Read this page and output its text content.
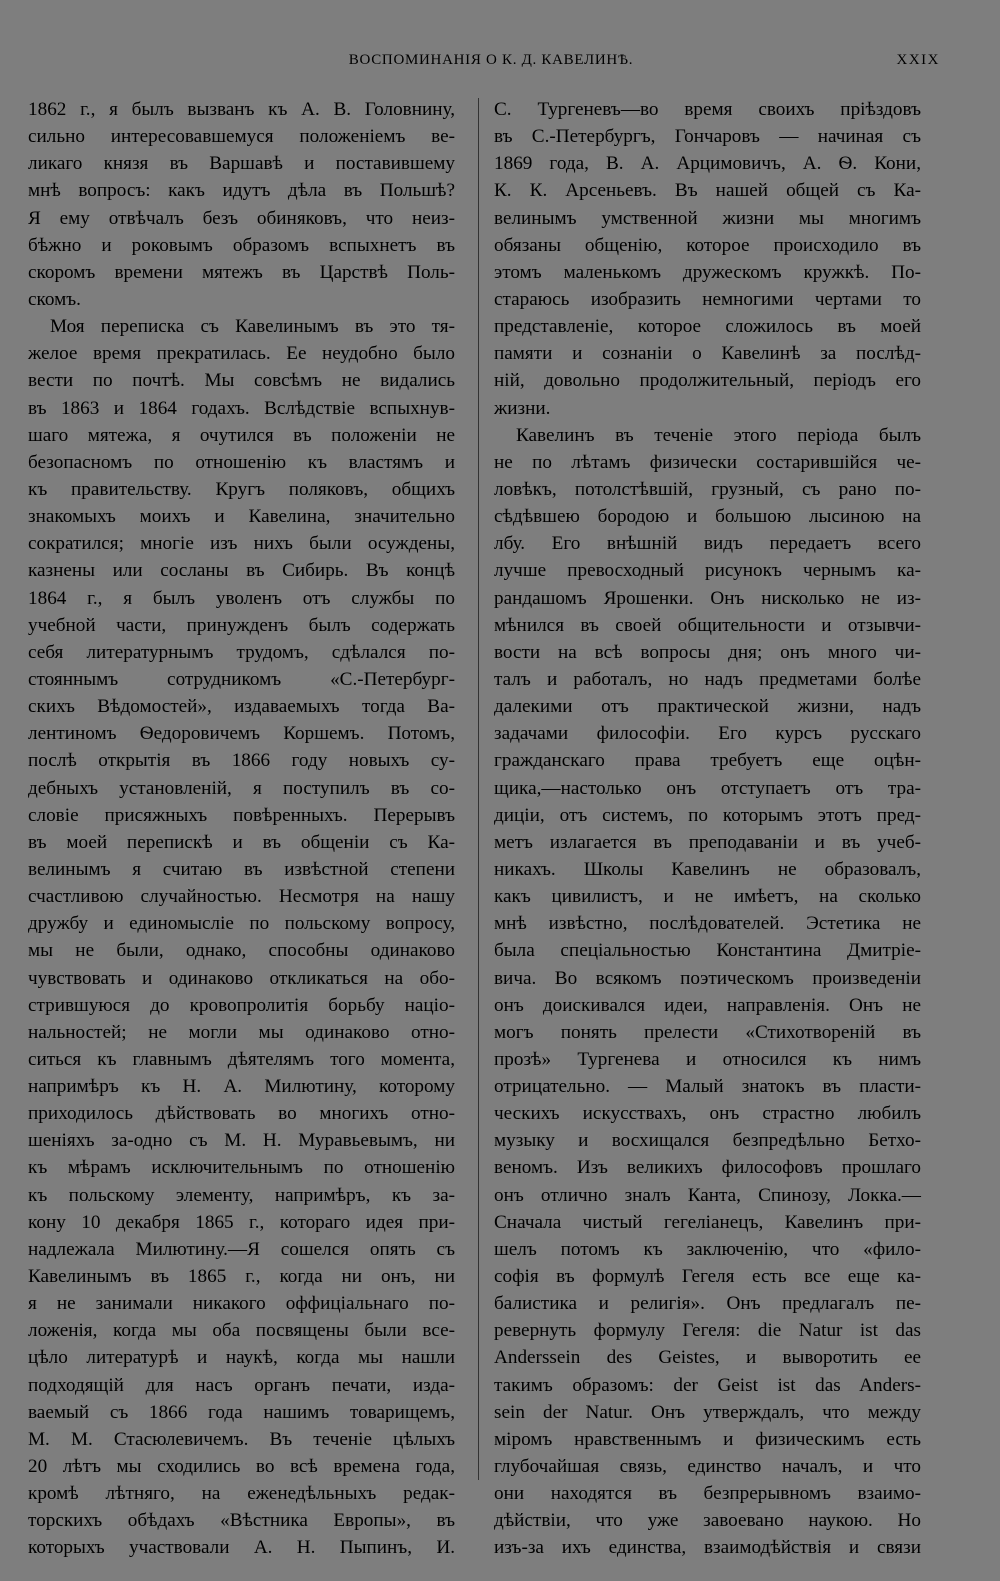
ВОСПОМИНАНІЯ О К. Д. КАВЕЛИНѢ.	XXIX
1862 г., я былъ вызванъ къ А. В. Головнину,
сильно интересовавшемуся положеніемъ ве-
ликаго князя въ Варшавѣ и поставившему
мнѣ вопросъ: какъ идутъ дѣла въ Польшѣ?
Я ему отвѣчалъ безъ обиняковъ, что неиз-
бѣжно и роковымъ образомъ вспыхнетъ въ
скоромъ времени мятежъ въ Царствѣ Поль-
скомъ.
Моя переписка съ Кавелинымъ въ это тя-
желое время прекратилась. Ее неудобно было
вести по почтѣ. Мы совсѣмъ не видались
въ 1863 и 1864 годахъ. Вслѣдствіе вспыхнув-
шаго мятежа, я очутился въ положеніи не
безопасномъ по отношенію къ властямъ и
къ правительству. Кругъ поляковъ, общихъ
знакомыхъ моихъ и Кавелина, значительно
сократился; многіе изъ нихъ были осуждены,
казнены или сосланы въ Сибирь. Въ концѣ
1864 г., я былъ уволенъ отъ службы по
учебной части, принужденъ былъ содержать
себя литературнымъ трудомъ, сдѣлался по-
стояннымъ сотрудникомъ «С.-Петербург-
скихъ Вѣдомостей», издаваемыхъ тогда Ва-
лентиномъ Ѳедоровичемъ Коршемъ. Потомъ,
послѣ открытія въ 1866 году новыхъ су-
дебныхъ установленій, я поступилъ въ со-
словіе присяжныхъ повѣренныхъ. Перерывъ
въ моей перепискѣ и въ общеніи съ Ка-
велинымъ я считаю въ извѣстной степени
счастливою случайностью. Несмотря на нашу
дружбу и единомысліе по польскому вопросу,
мы не были, однако, способны одинаково
чувствовать и одинаково откликаться на обо-
стрившуюся до кровопролитія борьбу націо-
нальностей; не могли мы одинаково отно-
ситься къ главнымъ дѣятелямъ того момента,
напримѣръ къ Н. А. Милютину, которому
приходилось дѣйствовать во многихъ отно-
шеніяхъ за-одно съ М. Н. Муравьевымъ, ни
къ мѣрамъ исключительнымъ по отношенію
къ польскому элементу, напримѣръ, къ за-
кону 10 декабря 1865 г., котораго идея при-
надлежала Милютину.—Я сошелся опять съ
Кавелинымъ въ 1865 г., когда ни онъ, ни
я не занимали никакого оффиціальнаго по-
ложенія, когда мы оба посвящены были все-
цѣло литературѣ и наукѣ, когда мы нашли
подходящій для насъ органъ печати, изда-
ваемый съ 1866 года нашимъ товарищемъ,
М. М. Стасюлевичемъ. Въ теченіе цѣлыхъ
20 лѣтъ мы сходились во всѣ времена года,
кромѣ лѣтняго, на еженедѣльныхъ редак-
торскихъ обѣдахъ «Вѣстника Европы», въ
которыхъ участвовали А. Н. Пыпинъ, И.
С. Тургеневъ—во время своихъ пріѣздовъ
въ С.-Петербургъ, Гончаровъ — начиная съ
1869 года, В. А. Арцимовичъ, А. Ѳ. Кони,
К. К. Арсеньевъ. Въ нашей общей съ Ка-
велинымъ умственной жизни мы многимъ
обязаны общенію, которое происходило въ
этомъ маленькомъ дружескомъ кружкѣ. По-
стараюсь изобразить немногими чертами то
представленіе, которое сложилось въ моей
памяти и сознаніи о Кавелинѣ за послѣд-
ній, довольно продолжительный, періодъ его
жизни.
Кавелинъ въ теченіе этого періода былъ
не по лѣтамъ физически состарившійся че-
ловѣкъ, потолстѣвшій, грузный, съ рано по-
сѣдѣвшею бородою и большою лысиною на
лбу. Его внѣшній видъ передаетъ всего
лучше превосходный рисунокъ чернымъ ка-
рандашомъ Ярошенки. Онъ нисколько не из-
мѣнился въ своей общительности и отзывчи-
вости на всѣ вопросы дня; онъ много чи-
талъ и работалъ, но надъ предметами болѣе
далекими отъ практической жизни, надъ
задачами философіи. Его курсъ русскаго
гражданскаго права требуетъ еще оцѣн-
щика,—настолько онъ отступаетъ отъ тра-
диціи, отъ системъ, по которымъ этотъ пред-
метъ излагается въ преподаваніи и въ учеб-
никахъ. Школы Кавелинъ не образовалъ,
какъ цивилистъ, и не имѣетъ, на сколько
мнѣ извѣстно, послѣдователей. Эстетика не
была спеціальностью Константина Дмитріе-
вича. Во всякомъ поэтическомъ произведеніи
онъ доискивался идеи, направленія. Онъ не
могъ понять прелести «Стихотвореній въ
прозѣ» Тургенева и относился къ нимъ
отрицательно. — Малый знатокъ въ пласти-
ческихъ искусствахъ, онъ страстно любилъ
музыку и восхищался безпредѣльно Бетхо-
веномъ. Изъ великихъ философовъ прошлаго
онъ отлично зналъ Канта, Спинозу, Локка.—
Сначала чистый гегеліанецъ, Кавелинъ при-
шелъ потомъ къ заключенію, что «фило-
софія въ формулѣ Гегеля есть все еще ка-
балистика и религія». Онъ предлагалъ пе-
ревернуть формулу Гегеля: die Natur ist das
Anderssein des Geistes, и выворотить ее
такимъ образомъ: der Geist ist das Anders-
sein der Natur. Онъ утверждалъ, что между
міромъ нравственнымъ и физическимъ есть
глубочайшая связь, единство началъ, и что
они находятся въ безпрерывномъ взаимо-
дѣйствіи, что уже завоевано наукою. Но
изъ-за ихъ единства, взаимодѣйствія и связи
